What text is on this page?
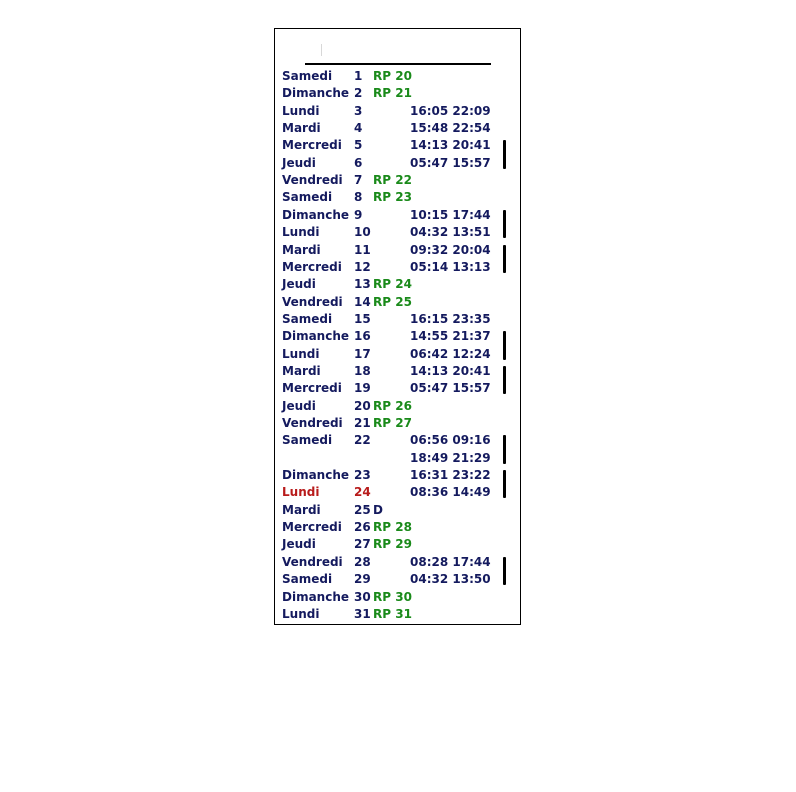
Samedi 1 RP 20
Dimanche 2 RP 21
Lundi	3	16:05 22:09
Mardi	4	15:48 22:54
Mercredi 5	14:13 20:41
Jeudi	6	05:47 15:57
Vendredi 7 RP 22
Samedi 8 RP 23
Dimanche 9	10:15 17:44
Lundi	10	04:32 13:51
Mardi	11	09:32 20:04
Mercredi 12	05:14 13:13
Jeudi	13 RP 24
Vendredi 14 RP 25
Samedi 15	16:15 23:35
Dimanche 16	14:55 21:37
Lundi	17	06:42 12:24
Mardi	18	14:13 20:41
Mercredi 19	05:47 15:57
Jeudi	20 RP 26
Vendredi 21 RP 27
Samedi 22	06:56 09:16
18:49 21:29
Dimanche 23	16:31 23:22
Lundi	24	08:36 14:49
Mardi	25 D
Mercredi 26 RP 28
Jeudi	27 RP 29
Vendredi 28	08:28 17:44
Samedi 29	04:32 13:50
Dimanche 30 RP 30
Lundi	31 RP 31
